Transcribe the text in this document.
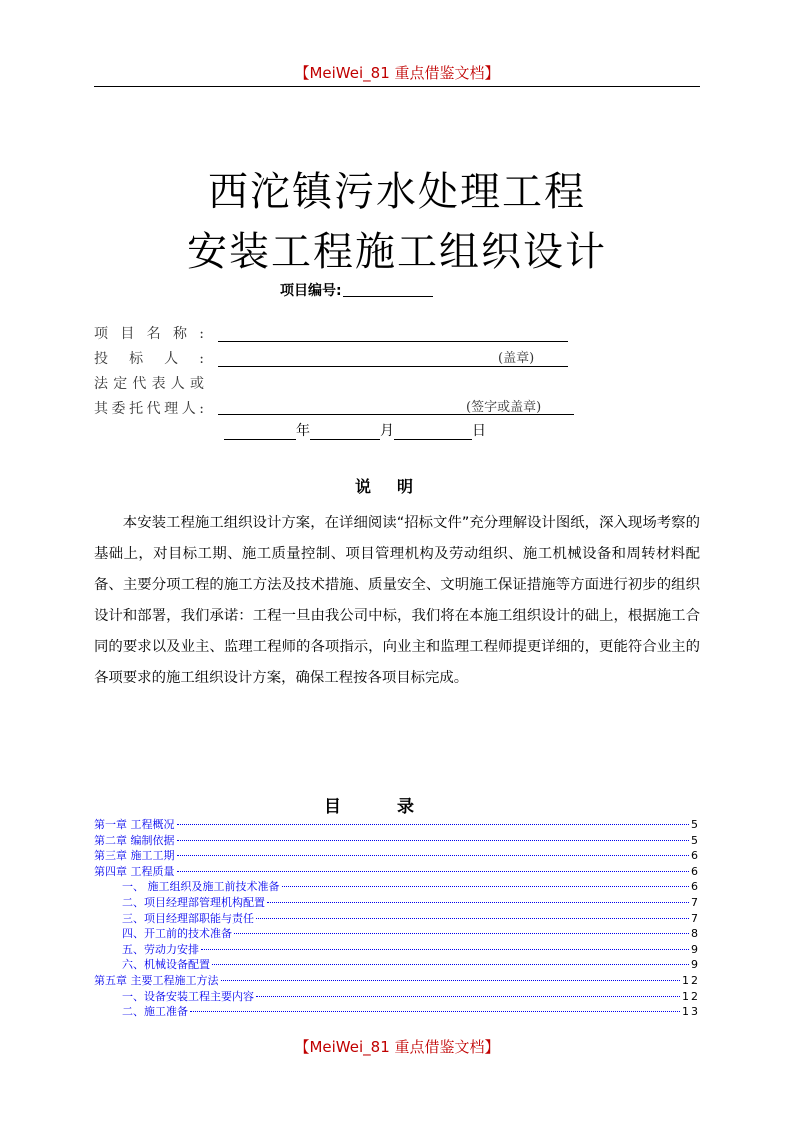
【MeiWei_81 重点借鉴文档】
西沱镇污水处理工程
安装工程施工组织设计
项目编号:
项目名称:
投标人:	(盖章)
法定代表人或
其委托代理人:	(签字或盖章)
年	月	日
说明

本安装工程施工组织设计方案，在详细阅读“招标文件”充分理解设计图纸，深入现场考察的基础上，对目标工期、施工质量控制、项目管理机构及劳动组织、施工机械设备和周转材料配备、主要分项工程的施工方法及技术措施、质量安全、文明施工保证措施等方面进行初步的组织设计和部署，我们承诺：工程一旦由我公司中标，我们将在本施工组织设计的础上，根据施工合同的要求以及业主、监理工程师的各项指示，向业主和监理工程师提更详细的，更能符合业主的各项要求的施工组织设计方案，确保工程按各项目标完成。

目录
第一章 工程概况	5
第二章 编制依据	5
第三章 施工工期	6
第四章 工程质量	6
一、 施工组织及施工前技术准备	6
二、项目经理部管理机构配置	7
三、项目经理部职能与责任	7
四、开工前的技术准备	8
五、劳动力安排	9
六、机械设备配置	9
第五章 主要工程施工方法	12
一、设备安装工程主要内容	12
二、施工准备	13
【MeiWei_81 重点借鉴文档】
